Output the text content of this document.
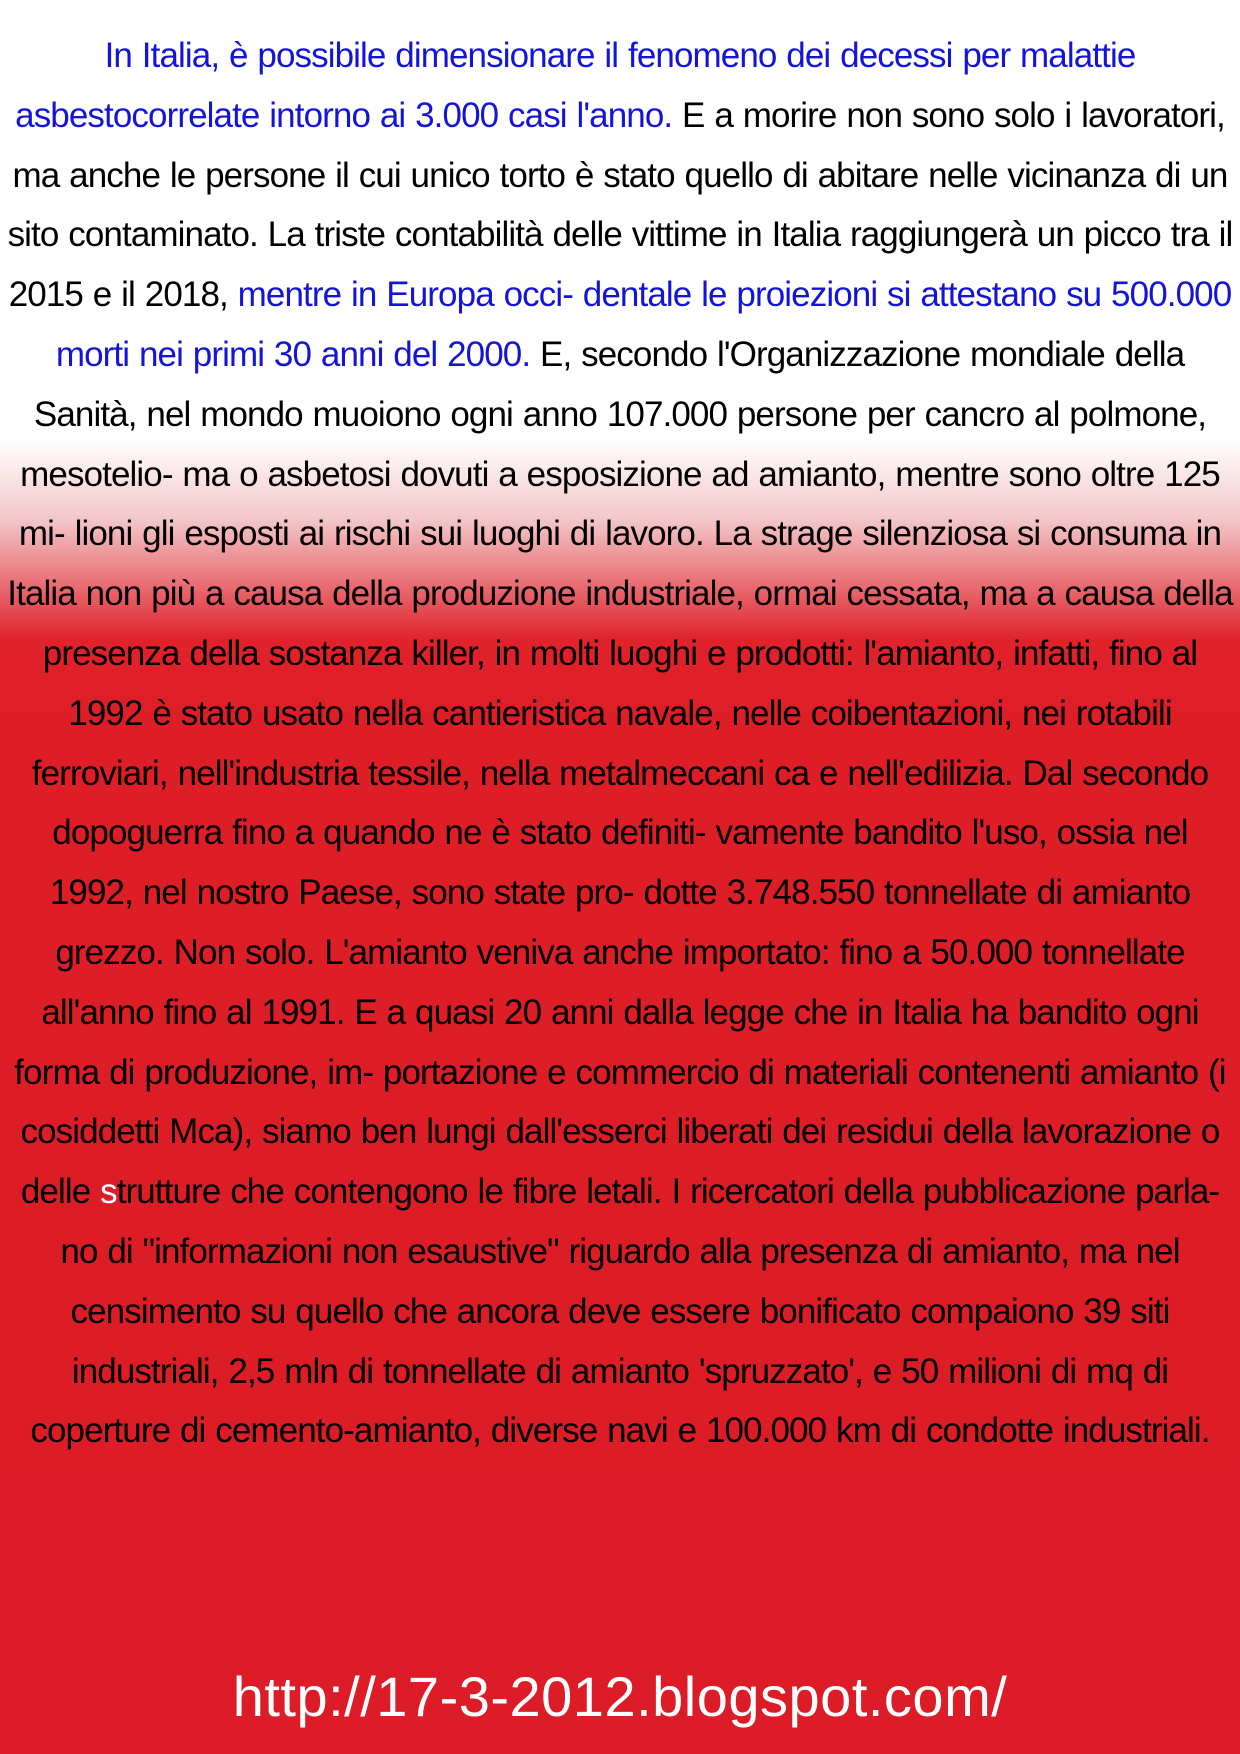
In Italia, è possibile dimensionare il fenomeno dei decessi per malattie asbestocorrelate intorno ai 3.000 casi l'anno. E a morire non sono solo i lavoratori, ma anche le persone il cui unico torto è stato quello di abitare nelle vicinanza di un sito contaminato. La triste contabilità delle vittime in Italia raggiungerà un picco tra il 2015 e il 2018, mentre in Europa occi- dentale le proiezioni si attestano su 500.000 morti nei primi 30 anni del 2000. E, secondo l'Organizzazione mondiale della Sanità, nel mondo muoiono ogni anno 107.000 persone per cancro al polmone, mesotelio- ma o asbetosi dovuti a esposizione ad amianto, mentre sono oltre 125 mi- lioni gli esposti ai rischi sui luoghi di lavoro. La strage silenziosa si consuma in Italia non più a causa della produzione industriale, ormai cessata, ma a causa della presenza della sostanza killer, in molti luoghi e prodotti: l'amianto, infatti, fino al 1992 è stato usato nella cantieristica navale, nelle coibentazioni, nei rotabili ferroviari, nell'industria tessile, nella metalmeccani ca e nell'edilizia. Dal secondo dopoguerra fino a quando ne è stato definiti- vamente bandito l'uso, ossia nel 1992, nel nostro Paese, sono state pro- dotte 3.748.550 tonnellate di amianto grezzo. Non solo. L'amianto veniva anche importato: fino a 50.000 tonnellate all'anno fino al 1991. E a quasi 20 anni dalla legge che in Italia ha bandito ogni forma di produzione, im- portazione e commercio di materiali contenenti amianto (i cosiddetti Mca), siamo ben lungi dall'esserci liberati dei residui della lavorazione o delle strutture che contengono le fibre letali. I ricercatori della pubblicazione parla- no di "informazioni non esaustive" riguardo alla presenza di amianto, ma nel censimento su quello che ancora deve essere bonificato compaiono 39 siti industriali, 2,5 mln di tonnellate di amianto 'spruzzato', e 50 milioni di mq di coperture di cemento-amianto, diverse navi e 100.000 km di condotte industriali.

http://17-3-2012.blogspot.com/
